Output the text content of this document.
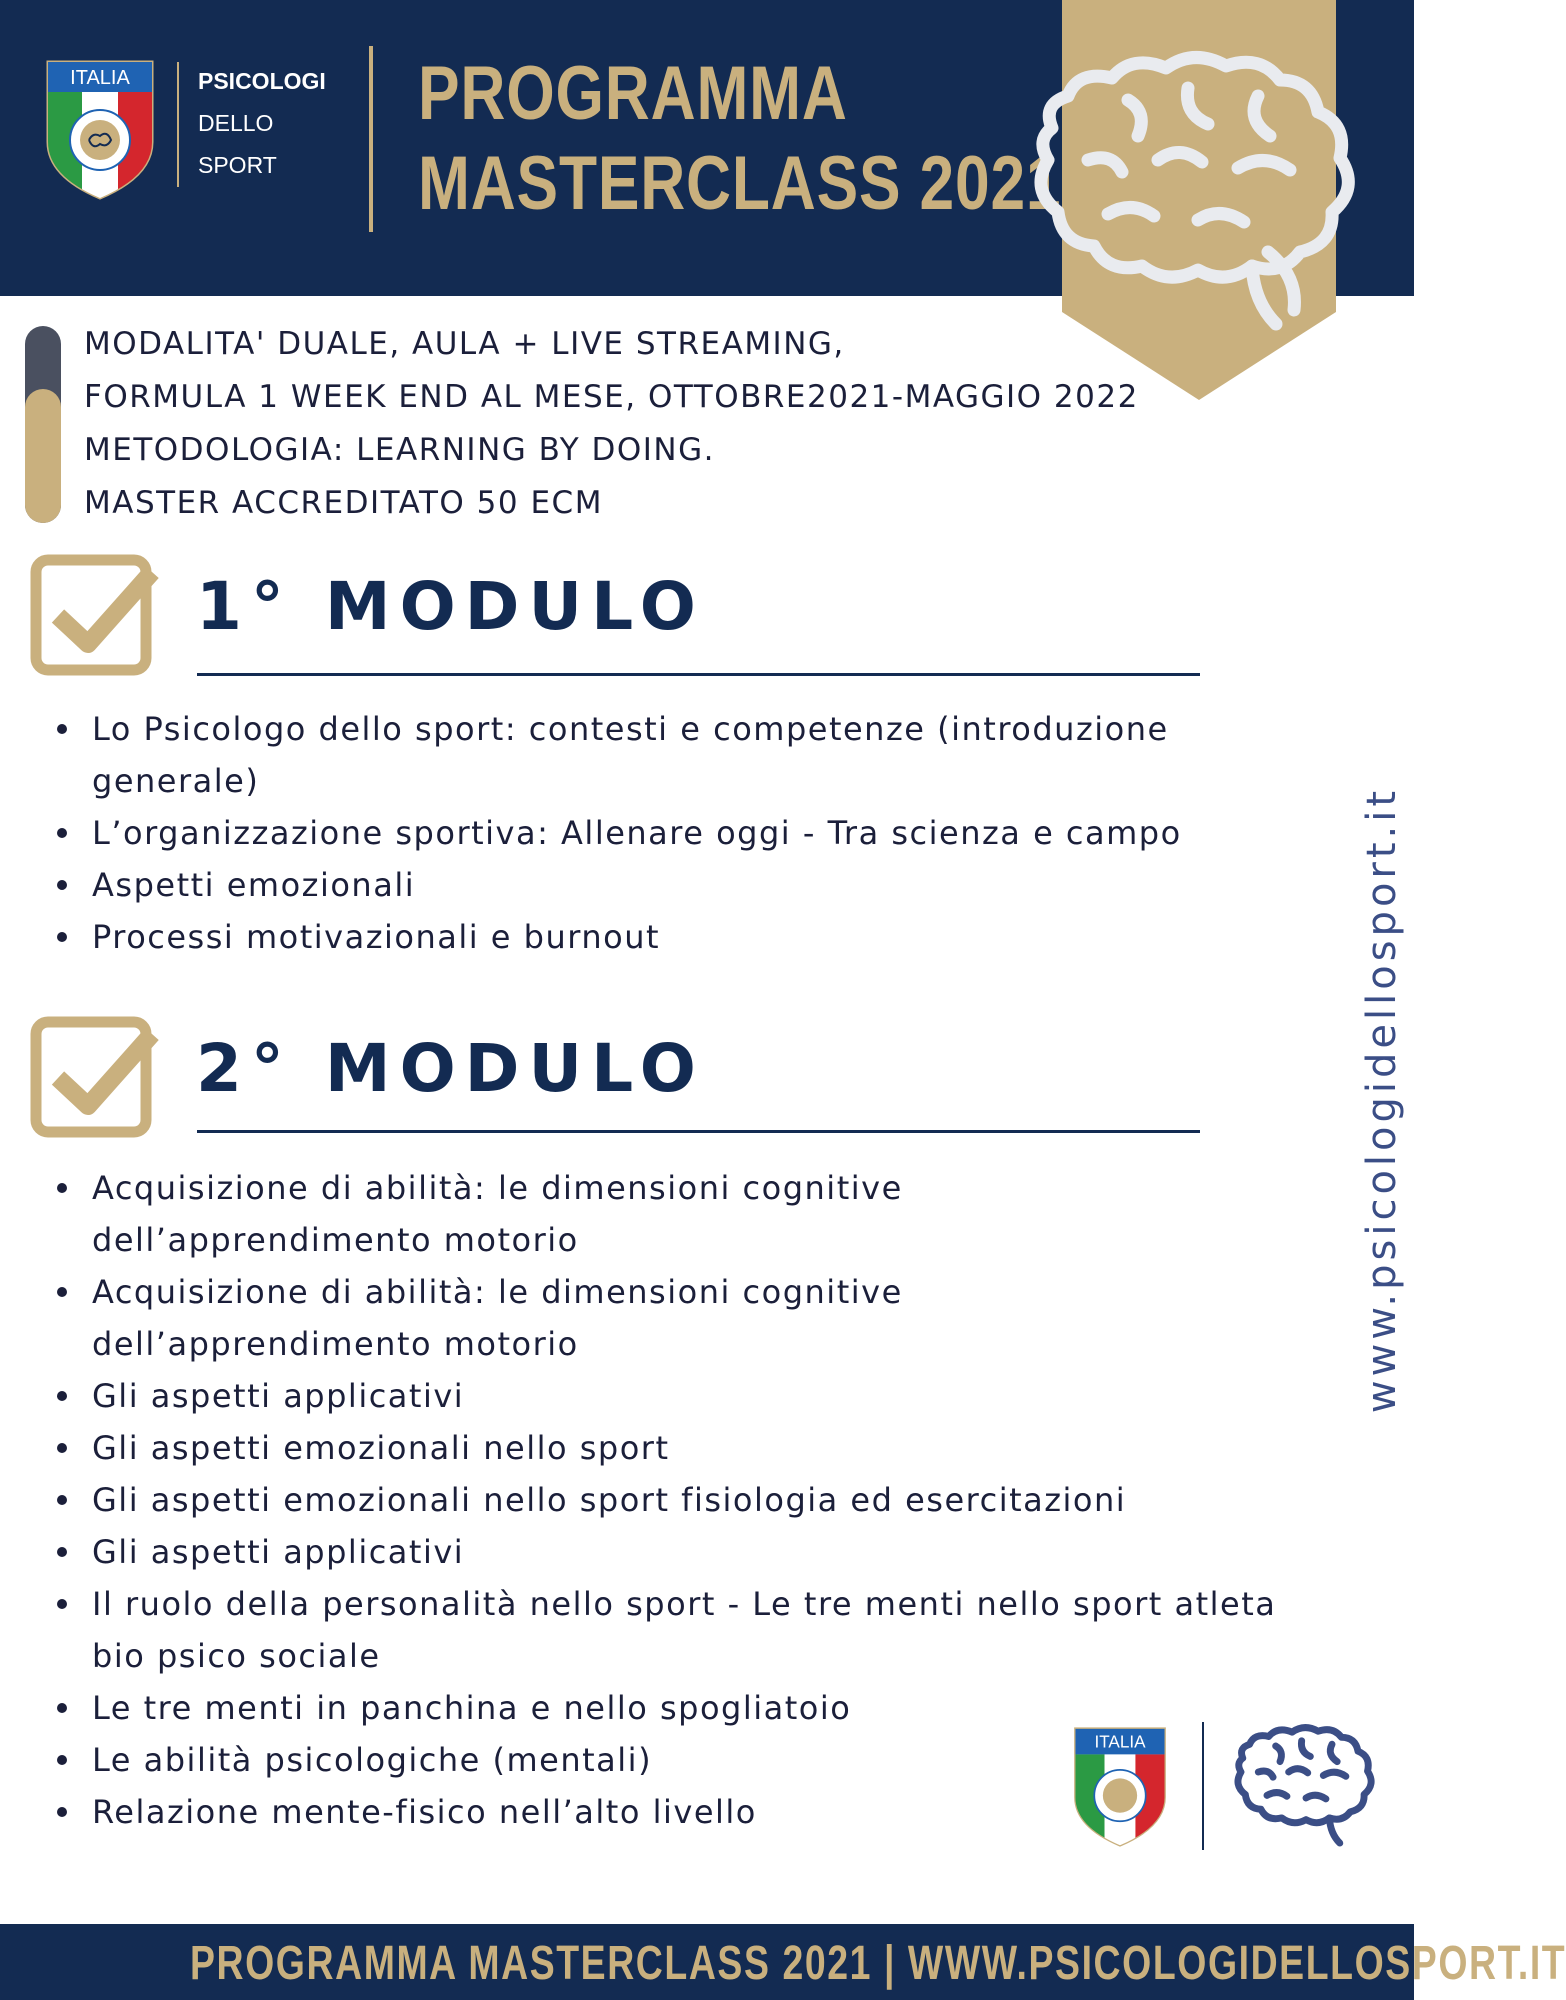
ITALIA	PSICOLOGI
DELLO
SPORT
PROGRAMMA
MASTERCLASS 2021
MODALITA' DUALE, AULA + LIVE STREAMING,
FORMULA 1 WEEK END AL MESE, OTTOBRE2021-MAGGIO 2022
METODOLOGIA: LEARNING BY DOING.
MASTER ACCREDITATO 50 ECM
1° MODULO
Lo Psicologo dello sport: contesti e competenze (introduzione generale)
L’organizzazione sportiva: Allenare oggi - Tra scienza e campo
Aspetti emozionali
Processi motivazionali e burnout
2° MODULO
Acquisizione di abilità: le dimensioni cognitive dell’apprendimento motorio
Acquisizione di abilità: le dimensioni cognitive dell’apprendimento motorio
Gli aspetti applicativi
Gli aspetti emozionali nello sport
Gli aspetti emozionali nello sport fisiologia ed esercitazioni
Gli aspetti applicativi
Il ruolo della personalità nello sport - Le tre menti nello sport atleta bio psico sociale
Le tre menti in panchina e nello spogliatoio
Le abilità psicologiche (mentali)
Relazione mente-fisico nell’alto livello
www.psicologidellosport.it
ITALIA
PROGRAMMA MASTERCLASS 2021 | WWW.PSICOLOGIDELLOSPORT.IT
